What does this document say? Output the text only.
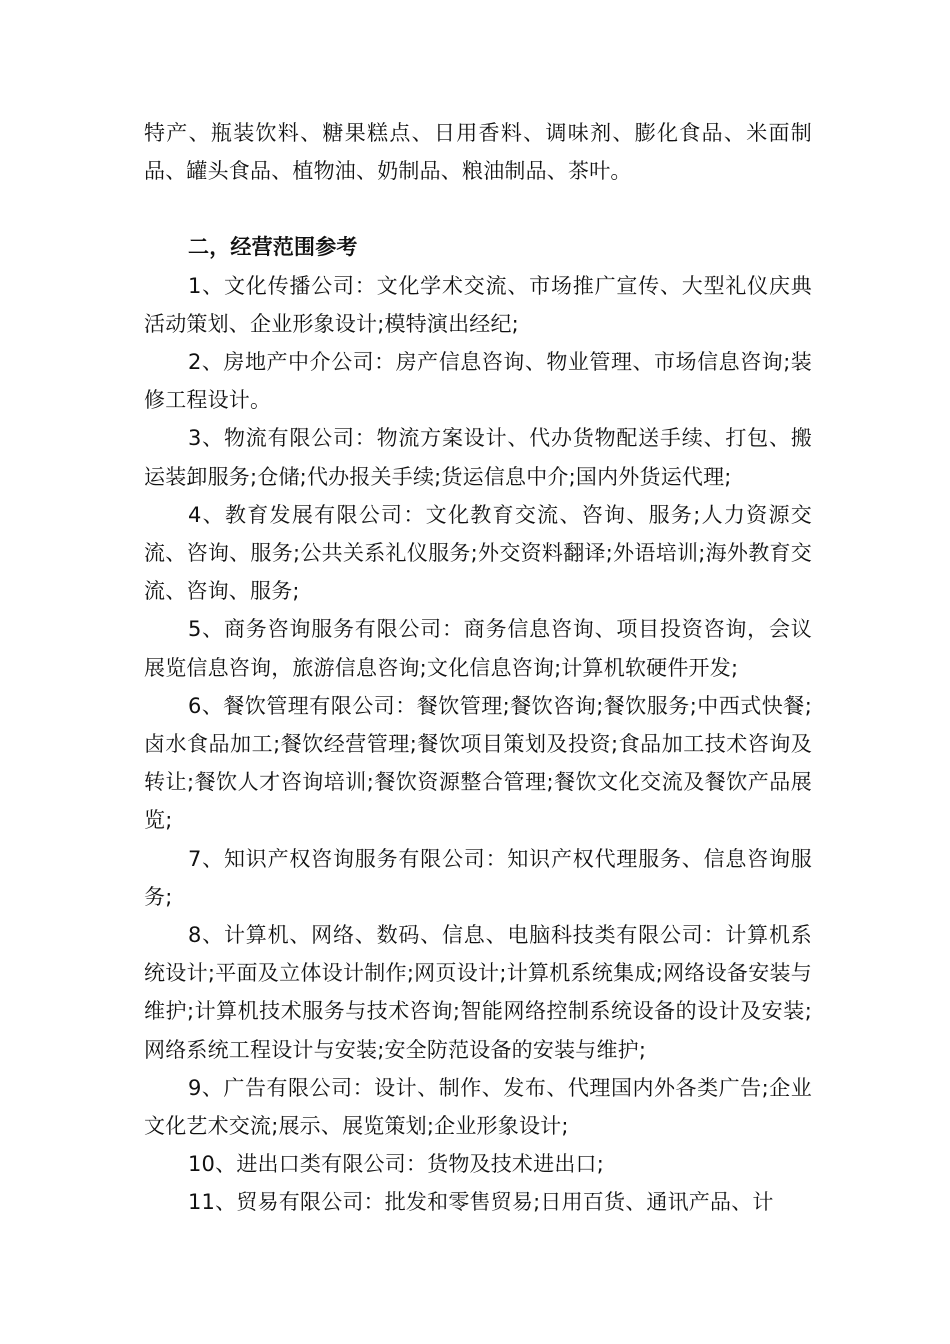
特产、瓶装饮料、糖果糕点、日用香料、调味剂、膨化食品、米面制品、罐头食品、植物油、奶制品、粮油制品、茶叶。

二，经营范围参考

1、文化传播公司：文化学术交流、市场推广宣传、大型礼仪庆典活动策划、企业形象设计;模特演出经纪;

2、房地产中介公司：房产信息咨询、物业管理、市场信息咨询;装修工程设计。

3、物流有限公司：物流方案设计、代办货物配送手续、打包、搬运装卸服务;仓储;代办报关手续;货运信息中介;国内外货运代理;

4、教育发展有限公司：文化教育交流、咨询、服务;人力资源交流、咨询、服务;公共关系礼仪服务;外交资料翻译;外语培训;海外教育交流、咨询、服务;

5、商务咨询服务有限公司：商务信息咨询、项目投资咨询，会议展览信息咨询，旅游信息咨询;文化信息咨询;计算机软硬件开发;

6、餐饮管理有限公司：餐饮管理;餐饮咨询;餐饮服务;中西式快餐;卤水食品加工;餐饮经营管理;餐饮项目策划及投资;食品加工技术咨询及转让;餐饮人才咨询培训;餐饮资源整合管理;餐饮文化交流及餐饮产品展览;

7、知识产权咨询服务有限公司：知识产权代理服务、信息咨询服务;

8、计算机、网络、数码、信息、电脑科技类有限公司：计算机系统设计;平面及立体设计制作;网页设计;计算机系统集成;网络设备安装与维护;计算机技术服务与技术咨询;智能网络控制系统设备的设计及安装;网络系统工程设计与安装;安全防范设备的安装与维护;

9、广告有限公司：设计、制作、发布、代理国内外各类广告;企业文化艺术交流;展示、展览策划;企业形象设计;

10、进出口类有限公司：货物及技术进出口;

11、贸易有限公司：批发和零售贸易;日用百货、通讯产品、计
